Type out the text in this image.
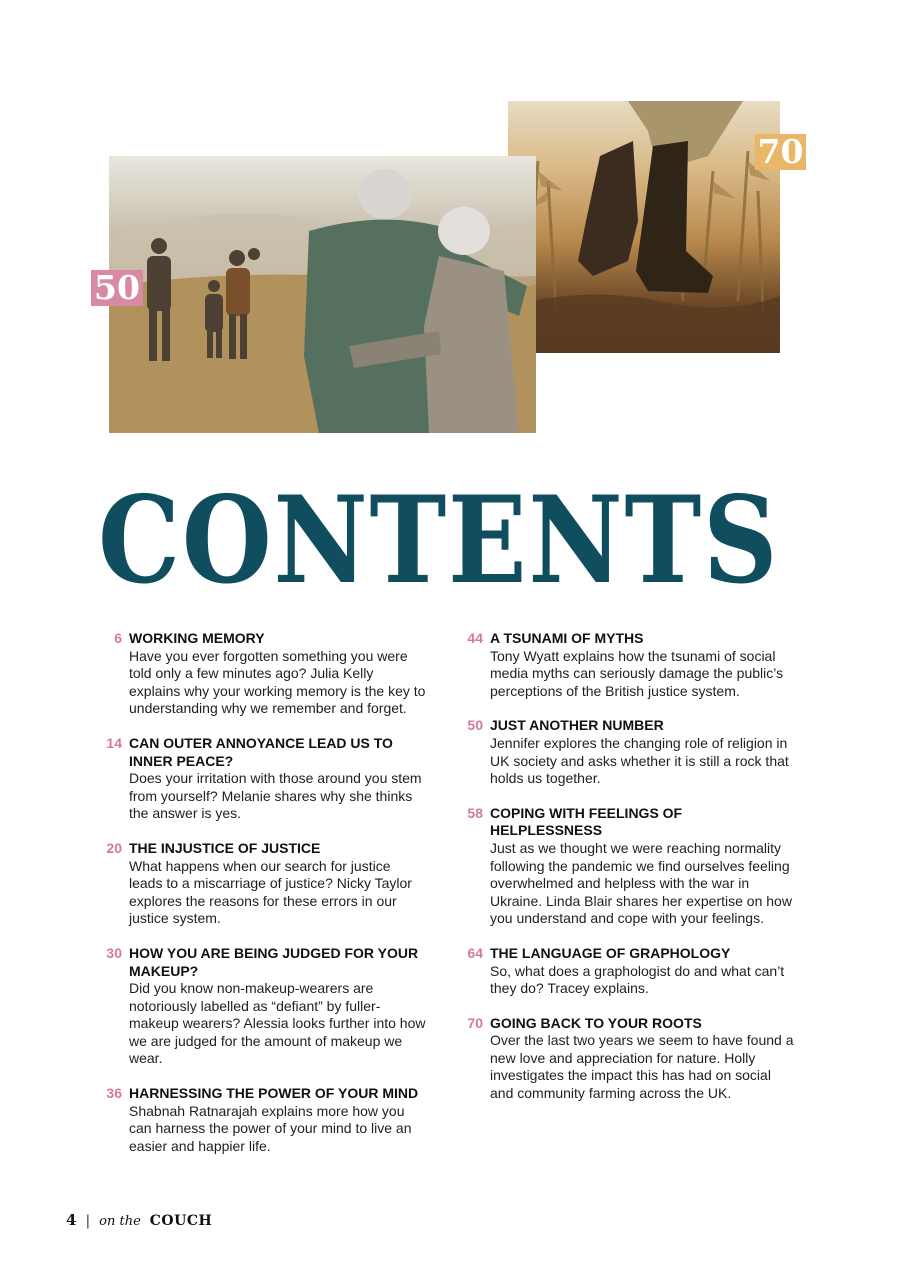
50
70
CONTENTS
6 WORKING MEMORY
Have you ever forgotten something you were told only a few minutes ago? Julia Kelly explains why your working memory is the key to understanding why we remember and forget.
14 CAN OUTER ANNOYANCE LEAD US TO INNER PEACE?
Does your irritation with those around you stem from yourself? Melanie shares why she thinks the answer is yes.
20 THE INJUSTICE OF JUSTICE
What happens when our search for justice leads to a miscarriage of justice? Nicky Taylor explores the reasons for these errors in our justice system.
30 HOW YOU ARE BEING JUDGED FOR YOUR MAKEUP?
Did you know non-makeup-wearers are notoriously labelled as “defiant” by fuller-makeup wearers? Alessia looks further into how we are judged for the amount of makeup we wear.
36 HARNESSING THE POWER OF YOUR MIND
Shabnah Ratnarajah explains more how you can harness the power of your mind to live an easier and happier life.
44 A TSUNAMI OF MYTHS
Tony Wyatt explains how the tsunami of social media myths can seriously damage the public’s perceptions of the British justice system.
50 JUST ANOTHER NUMBER
Jennifer explores the changing role of religion in UK society and asks whether it is still a rock that holds us together.
58 COPING WITH FEELINGS OF HELPLESSNESS
Just as we thought we were reaching normality following the pandemic we find ourselves feeling overwhelmed and helpless with the war in Ukraine. Linda Blair shares her expertise on how you understand and cope with your feelings.
64 THE LANGUAGE OF GRAPHOLOGY
So, what does a graphologist do and what can’t they do? Tracey explains.
70 GOING BACK TO YOUR ROOTS
Over the last two years we seem to have found a new love and appreciation for nature. Holly investigates the impact this has had on social and community farming across the UK.
4 | on the COUCH
